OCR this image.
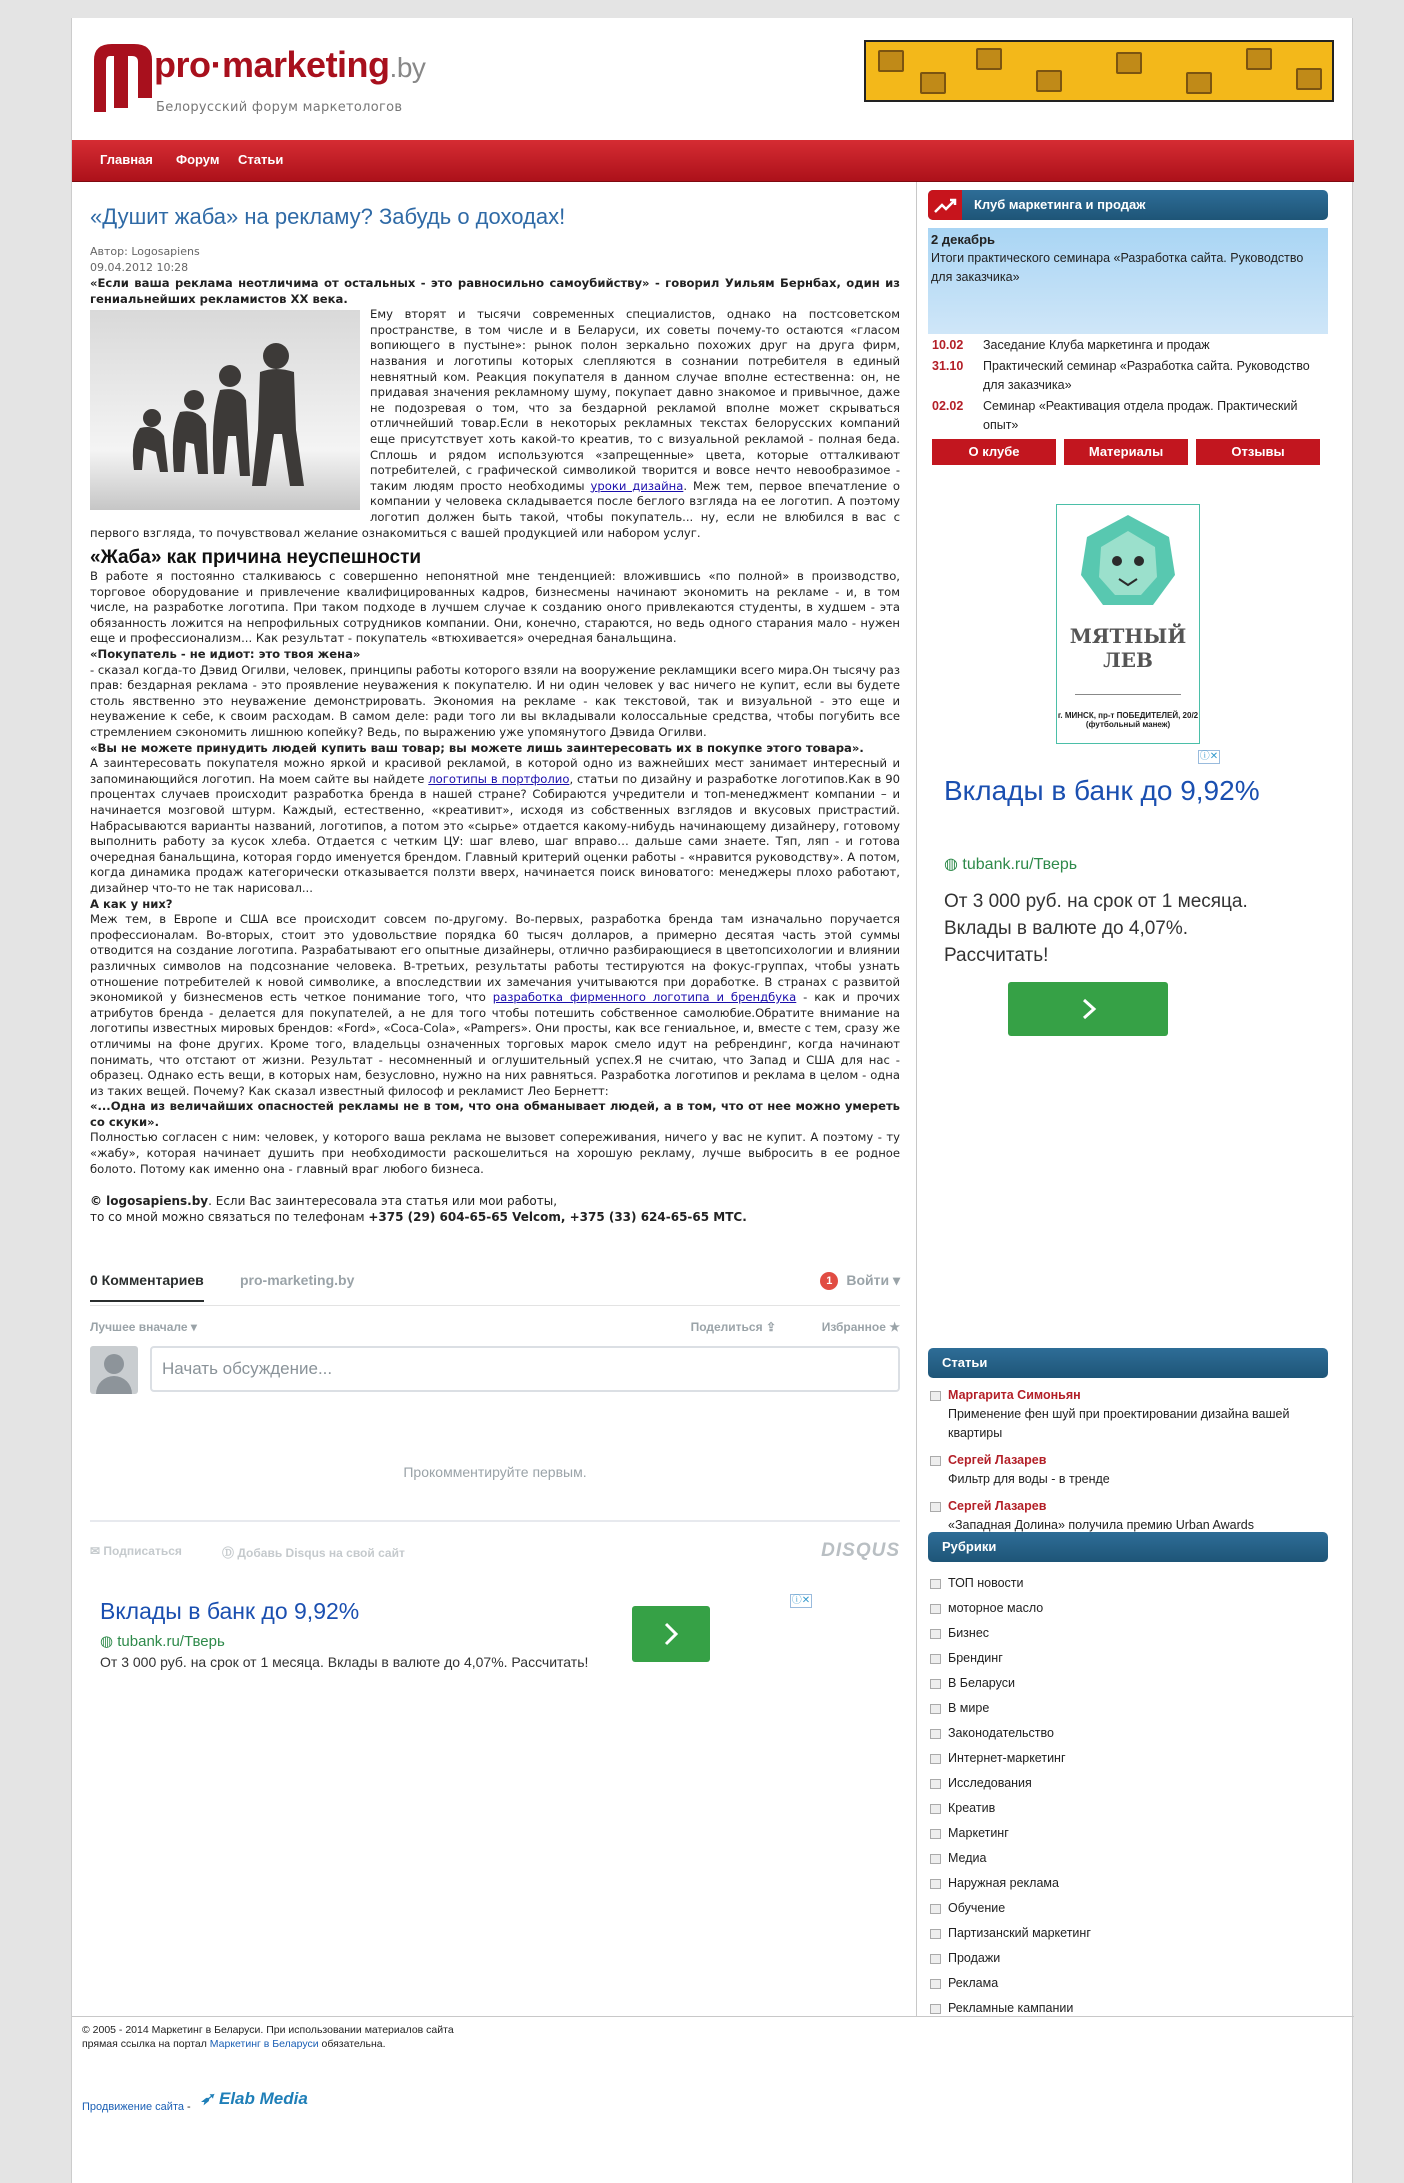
pro·marketing.by
Белорусский форум маркетологов
Главная Форум Статьи
«Душит жаба» на рекламу? Забудь о доходах!
Автор: Logosapiens
09.04.2012 10:28

«Если ваша реклама неотличима от остальных - это равносильно самоубийству» - говорил Уильям Бернбах, один из гениальнейших рекламистов XX века.

Ему вторят и тысячи современных специалистов, однако на постсоветском пространстве, в том числе и в Беларуси, их советы почему-то остаются «гласом вопиющего в пустыне»: рынок полон зеркально похожих друг на друга фирм, названия и логотипы которых слепляются в сознании потребителя в единый невнятный ком. Реакция покупателя в данном случае вполне естественна: он, не придавая значения рекламному шуму, покупает давно знакомое и привычное, даже не подозревая о том, что за бездарной рекламой вполне может скрываться отличнейший товар.Если в некоторых рекламных текстах белорусских компаний еще присутствует хоть какой-то креатив, то с визуальной рекламой - полная беда. Сплошь и рядом используются «запрещенные» цвета, которые отталкивают потребителей, с графической символикой творится и вовсе нечто невообразимое - таким людям просто необходимы уроки дизайна. Меж тем, первое впечатление о компании у человека складывается после беглого взгляда на ее логотип. А поэтому логотип должен быть такой, чтобы покупатель... ну, если не влюбился в вас с первого взгляда, то почувствовал желание ознакомиться с вашей продукцией или набором услуг.

«Жаба» как причина неуспешности

В работе я постоянно сталкиваюсь с совершенно непонятной мне тенденцией: вложившись «по полной» в производство, торговое оборудование и привлечение квалифицированных кадров, бизнесмены начинают экономить на рекламе - и, в том числе, на разработке логотипа. При таком подходе в лучшем случае к созданию оного привлекаются студенты, в худшем - эта обязанность ложится на непрофильных сотрудников компании. Они, конечно, стараются, но ведь одного старания мало - нужен еще и профессионализм... Как результат - покупатель «втюхивается» очередная банальщина.

«Покупатель - не идиот: это твоя жена»

- сказал когда-то Дэвид Огилви, человек, принципы работы которого взяли на вооружение рекламщики всего мира.Он тысячу раз прав: бездарная реклама - это проявление неуважения к покупателю. И ни один человек у вас ничего не купит, если вы будете столь явственно это неуважение демонстрировать. Экономия на рекламе - как текстовой, так и визуальной - это еще и неуважение к себе, к своим расходам. В самом деле: ради того ли вы вкладывали колоссальные средства, чтобы погубить все стремлением сэкономить лишнюю копейку? Ведь, по выражению уже упомянутого Дэвида Огилви.

«Вы не можете принудить людей купить ваш товар; вы можете лишь заинтересовать их в покупке этого товара».

А заинтересовать покупателя можно яркой и красивой рекламой, в которой одно из важнейших мест занимает интересный и запоминающийся логотип. На моем сайте вы найдете логотипы в портфолио, статьи по дизайну и разработке логотипов.Как в 90 процентах случаев происходит разработка бренда в нашей стране? Собираются учредители и топ-менеджмент компании – и начинается мозговой штурм. Каждый, естественно, «креативит», исходя из собственных взглядов и вкусовых пристрастий. Набрасываются варианты названий, логотипов, а потом это «сырье» отдается какому-нибудь начинающему дизайнеру, готовому выполнить работу за кусок хлеба. Отдается с четким ЦУ: шаг влево, шаг вправо… дальше сами знаете. Тяп, ляп - и готова очередная банальщина, которая гордо именуется брендом. Главный критерий оценки работы - «нравится руководству». А потом, когда динамика продаж категорически отказывается ползти вверх, начинается поиск виноватого: менеджеры плохо работают, дизайнер что-то не так нарисовал...

А как у них?

Меж тем, в Европе и США все происходит совсем по-другому. Во-первых, разработка бренда там изначально поручается профессионалам. Во-вторых, стоит это удовольствие порядка 60 тысяч долларов, а примерно десятая часть этой суммы отводится на создание логотипа. Разрабатывают его опытные дизайнеры, отлично разбирающиеся в цветопсихологии и влиянии различных символов на подсознание человека. В-третьих, результаты работы тестируются на фокус-группах, чтобы узнать отношение потребителей к новой символике, а впоследствии их замечания учитываются при доработке. В странах с развитой экономикой у бизнесменов есть четкое понимание того, что разработка фирменного логотипа и брендбука - как и прочих атрибутов бренда - делается для покупателей, а не для того чтобы потешить собственное самолюбие.Обратите внимание на логотипы известных мировых брендов: «Ford», «Coca-Cola», «Pampers». Они просты, как все гениальное, и, вместе с тем, сразу же отличимы на фоне других. Кроме того, владельцы означенных торговых марок смело идут на ребрендинг, когда начинают понимать, что отстают от жизни. Результат - несомненный и оглушительный успех.Я не считаю, что Запад и США для нас - образец. Однако есть вещи, в которых нам, безусловно, нужно на них равняться. Разработка логотипов и реклама в целом - одна из таких вещей. Почему? Как сказал известный философ и рекламист Лео Бернетт:

«...Одна из величайших опасностей рекламы не в том, что она обманывает людей, а в том, что от нее можно умереть со скуки».

Полностью согласен с ним: человек, у которого ваша реклама не вызовет сопереживания, ничего у вас не купит. А поэтому - ту «жабу», которая начинает душить при необходимости раскошелиться на хорошую рекламу, лучше выбросить в ее родное болото. Потому как именно она - главный враг любого бизнеса.

© logosapiens.by. Если Вас заинтересовала эта статья или мои работы,
то со мной можно связаться по телефонам +375 (29) 604-65-65 Velcom, +375 (33) 624-65-65 МТС.
0 Комментариев	pro-marketing.by	1 Войти ▾
Лучшее вначале ▾	Поделиться ⇪	Избранное ★
Начать обсуждение...
Прокомментируйте первым.
✉ Подписаться	Ⓓ Добавь Disqus на свой сайт	DISQUS
Вклады в банк до 9,92%
◍ tubank.ru/Тверь
От 3 000 руб. на срок от 1 месяца. Вклады в валюте до 4,07%. Рассчитать!
ⓘ✕
Клуб маркетинга и продаж
2 декабрь
Итоги практического семинара «Разработка сайта. Руководство для заказчика»
10.02 Заседание Клуба маркетинга и продаж
31.10 Практический семинар «Разработка сайта. Руководство для заказчика»
02.02 Семинар «Реактивация отдела продаж. Практический опыт»
О клубе	Материалы	Отзывы
МЯТНЫЙ ЛЕВ
г. МИНСК, пр-т ПОБЕДИТЕЛЕЙ, 20/2
(футбольный манеж)
ⓘ✕
Вклады в банк до 9,92%
◍ tubank.ru/Тверь
От 3 000 руб. на срок от 1 месяца. Вклады в валюте до 4,07%. Рассчитать!
Статьи
Маргарита Симоньян
Применение фен шуй при проектировании дизайна вашей квартиры
Сергей Лазарев
Фильтр для воды - в тренде
Сергей Лазарев
«Западная Долина» получила премию Urban Awards
Рубрики
ТОП новости
моторное масло
Бизнес
Брендинг
В Беларуси
В мире
Законодательство
Интернет-маркетинг
Исследования
Креатив
Маркетинг
Медиа
Наружная реклама
Обучение
Партизанский маркетинг
Продажи
Реклама
Рекламные кампании
© 2005 - 2014 Маркетинг в Беларуси. При использовании материалов сайта
прямая ссылка на портал Маркетинг в Беларуси обязательна.
Продвижение сайта - ➶ Elab Media
